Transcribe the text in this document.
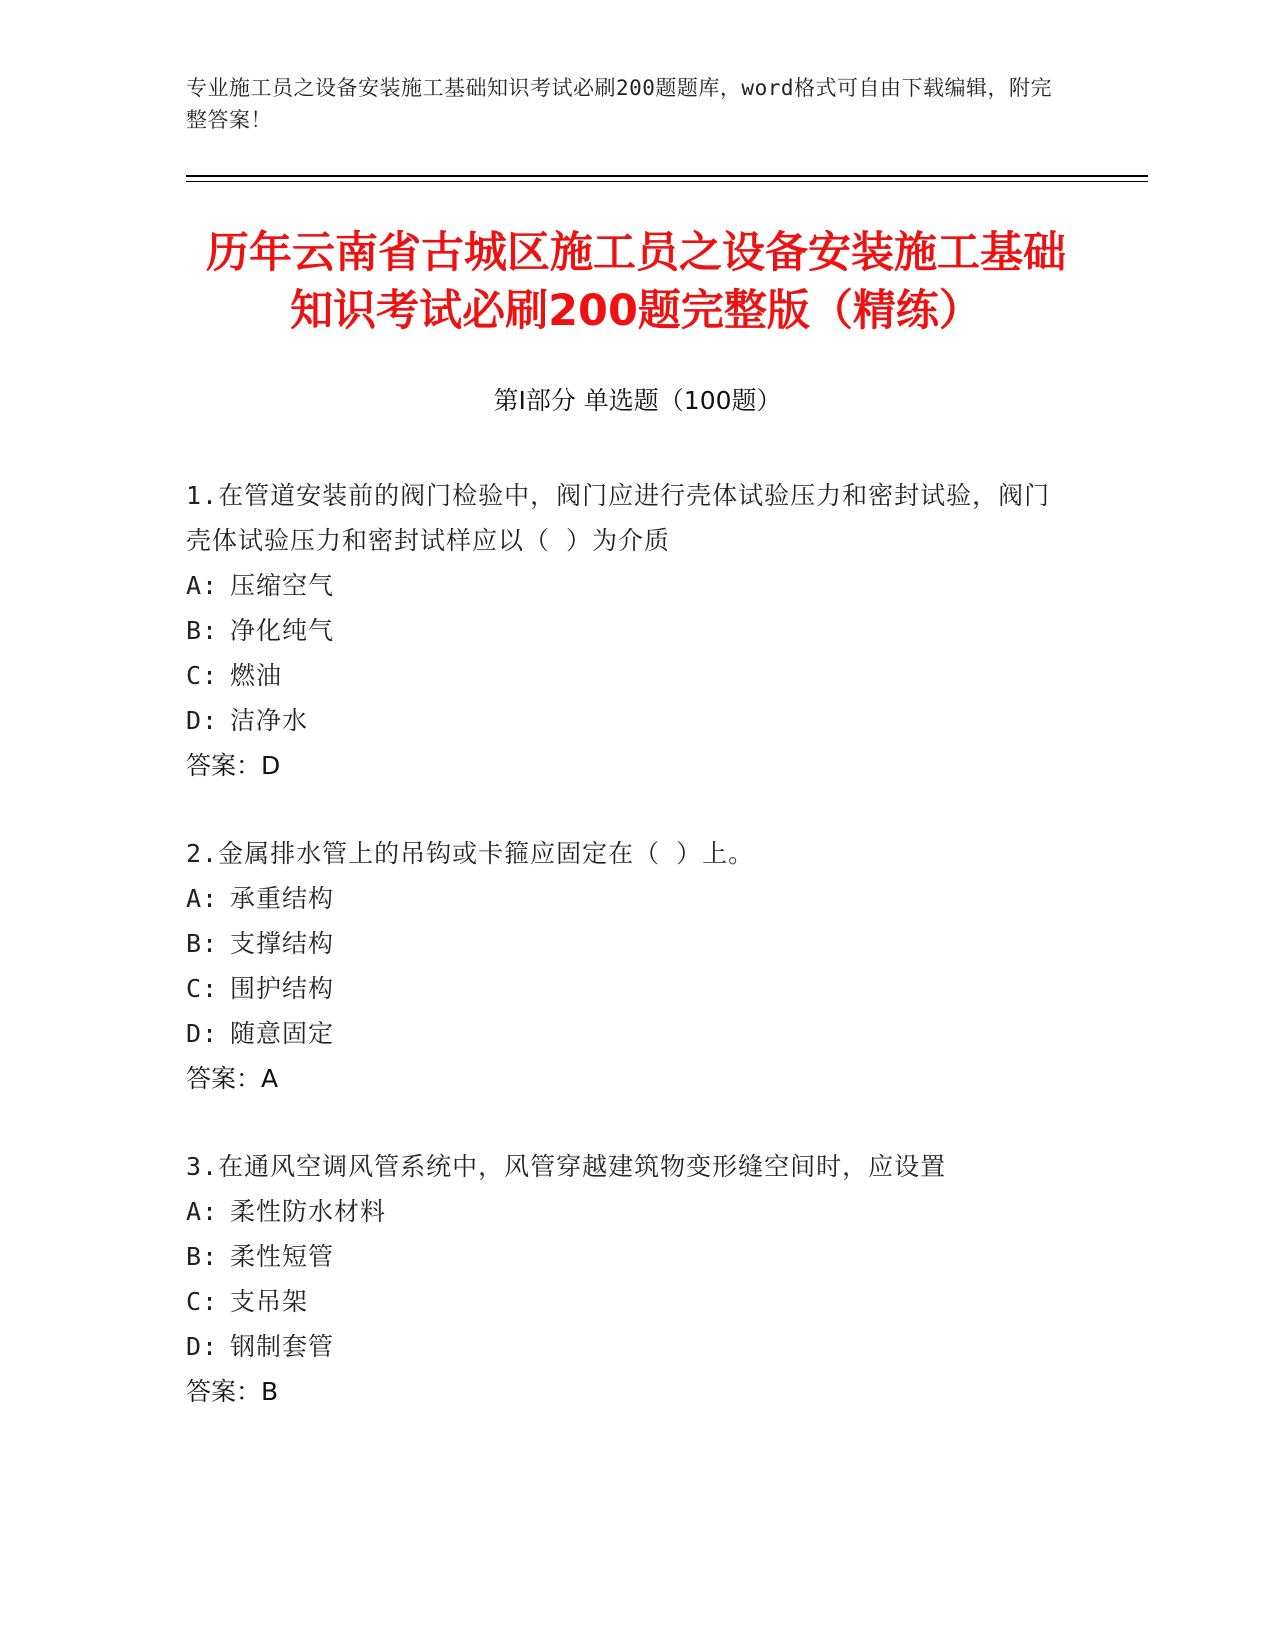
专业施工员之设备安装施工基础知识考试必刷200题题库，word格式可自由下载编辑，附完整答案！
历年云南省古城区施工员之设备安装施工基础知识考试必刷200题完整版（精练）
第Ⅰ部分 单选题（100题）
1.在管道安装前的阀门检验中，阀门应进行壳体试验压力和密封试验，阀门壳体试验压力和密封试样应以（ ）为介质
A: 压缩空气
B: 净化纯气
C: 燃油
D: 洁净水
答案：D
2.金属排水管上的吊钩或卡箍应固定在（ ）上。
A: 承重结构
B: 支撑结构
C: 围护结构
D: 随意固定
答案：A
3.在通风空调风管系统中，风管穿越建筑物变形缝空间时，应设置
A: 柔性防水材料
B: 柔性短管
C: 支吊架
D: 钢制套管
答案：B
